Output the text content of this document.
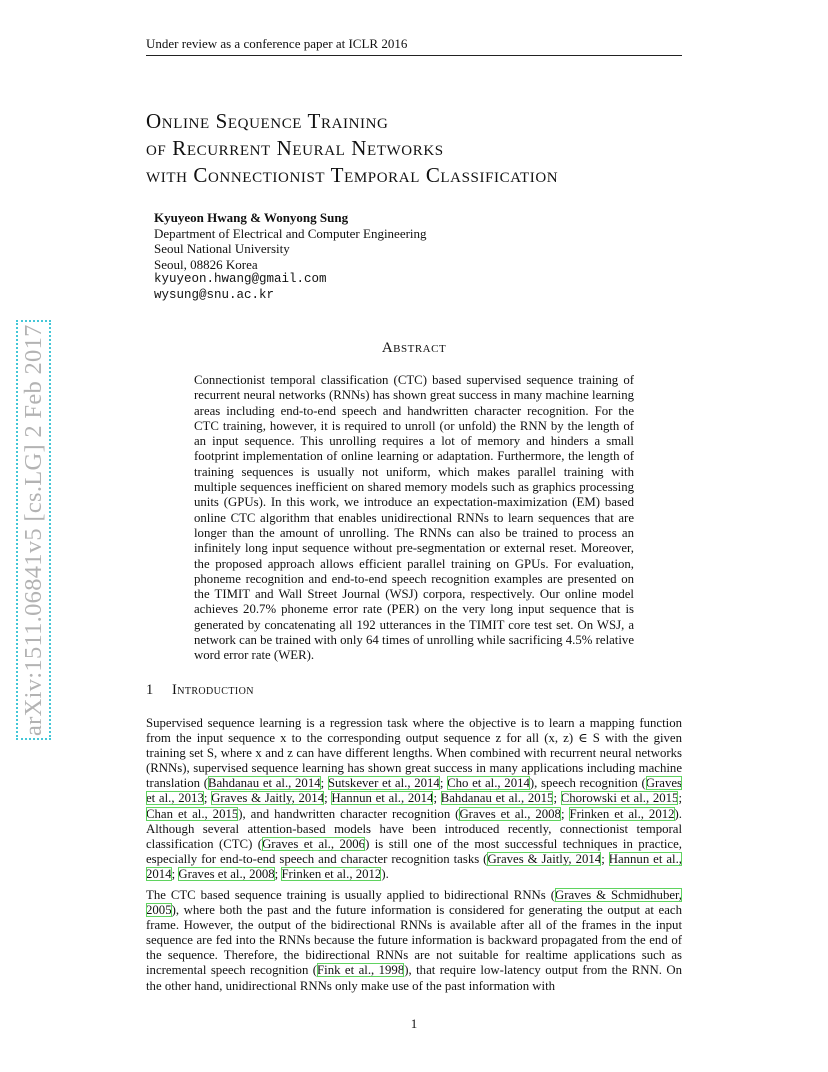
Under review as a conference paper at ICLR 2016
Online Sequence Training
of Recurrent Neural Networks
with Connectionist Temporal Classification
Kyuyeon Hwang & Wonyong Sung
Department of Electrical and Computer Engineering
Seoul National University
Seoul, 08826 Korea
kyuyeon.hwang@gmail.com
wysung@snu.ac.kr
Abstract
Connectionist temporal classification (CTC) based supervised sequence training of recurrent neural networks (RNNs) has shown great success in many machine learning areas including end-to-end speech and handwritten character recognition. For the CTC training, however, it is required to unroll (or unfold) the RNN by the length of an input sequence. This unrolling requires a lot of memory and hinders a small footprint implementation of online learning or adaptation. Furthermore, the length of training sequences is usually not uniform, which makes parallel training with multiple sequences inefficient on shared memory models such as graphics processing units (GPUs). In this work, we introduce an expectation-maximization (EM) based online CTC algorithm that enables unidirectional RNNs to learn sequences that are longer than the amount of unrolling. The RNNs can also be trained to process an infinitely long input sequence without pre-segmentation or external reset. Moreover, the proposed approach allows efficient parallel training on GPUs. For evaluation, phoneme recognition and end-to-end speech recognition examples are presented on the TIMIT and Wall Street Journal (WSJ) corpora, respectively. Our online model achieves 20.7% phoneme error rate (PER) on the very long input sequence that is generated by concatenating all 192 utterances in the TIMIT core test set. On WSJ, a network can be trained with only 64 times of unrolling while sacrificing 4.5% relative word error rate (WER).
1 Introduction
Supervised sequence learning is a regression task where the objective is to learn a mapping function from the input sequence x to the corresponding output sequence z for all (x, z) ∈ S with the given training set S, where x and z can have different lengths. When combined with recurrent neural networks (RNNs), supervised sequence learning has shown great success in many applications including machine translation (Bahdanau et al., 2014; Sutskever et al., 2014; Cho et al., 2014), speech recognition (Graves et al., 2013; Graves & Jaitly, 2014; Hannun et al., 2014; Bahdanau et al., 2015; Chorowski et al., 2015; Chan et al., 2015), and handwritten character recognition (Graves et al., 2008; Frinken et al., 2012). Although several attention-based models have been introduced recently, connectionist temporal classification (CTC) (Graves et al., 2006) is still one of the most successful techniques in practice, especially for end-to-end speech and character recognition tasks (Graves & Jaitly, 2014; Hannun et al., 2014; Graves et al., 2008; Frinken et al., 2012).
The CTC based sequence training is usually applied to bidirectional RNNs (Graves & Schmidhuber, 2005), where both the past and the future information is considered for generating the output at each frame. However, the output of the bidirectional RNNs is available after all of the frames in the input sequence are fed into the RNNs because the future information is backward propagated from the end of the sequence. Therefore, the bidirectional RNNs are not suitable for realtime applications such as incremental speech recognition (Fink et al., 1998), that require low-latency output from the RNN. On the other hand, unidirectional RNNs only make use of the past information with
1
arXiv:1511.06841v5 [cs.LG] 2 Feb 2017
